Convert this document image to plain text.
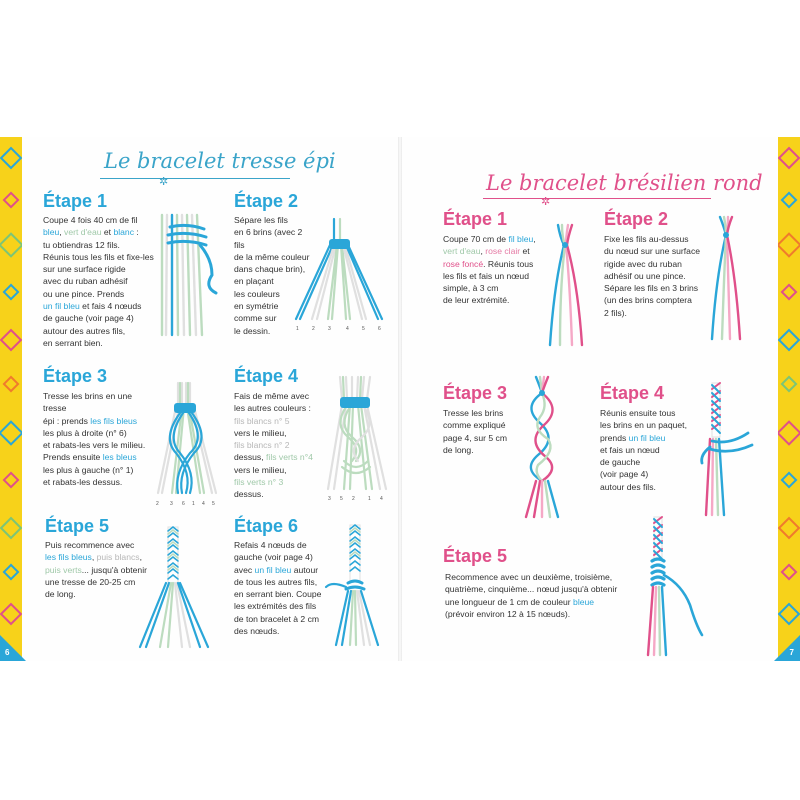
6	7
Le bracelet tresse épi
✲
Étape 1
Coupe 4 fois 40 cm de fil
bleu, vert d'eau et blanc :
tu obtiendras 12 fils.
Réunis tous les fils et fixe-les
sur une surface rigide
avec du ruban adhésif
ou une pince. Prends
un fil bleu et fais 4 nœuds
de gauche (voir page 4)
autour des autres fils,
en serrant bien.
Étape 2
Sépare les fils
en 6 brins (avec 2 fils
de la même couleur
dans chaque brin),
en plaçant
les couleurs
en symétrie
comme sur
le dessin.	1	2	3	4	5	6
Étape 3
Tresse les brins en une tresse
épi : prends les fils bleus
les plus à droite (n° 6)
et rabats-les vers le milieu.
Prends ensuite les bleus
les plus à gauche (n° 1)
et rabats-les dessus.
2 3 6 1 4 5
Étape 4
Fais de même avec
les autres couleurs :
fils blancs n° 5
vers le milieu,
fils blancs n° 2
dessus, fils verts n°4
vers le milieu,
fils verts n° 3
dessus.	3 5 2	1 4
Étape 5
Puis recommence avec
les fils bleus, puis blancs,
puis verts... jusqu'à obtenir
une tresse de 20-25 cm
de long.
Étape 6
Refais 4 nœuds de
gauche (voir page 4)
avec un fil bleu autour
de tous les autres fils,
en serrant bien. Coupe
les extrémités des fils
de ton bracelet à 2 cm
des nœuds.
Le bracelet brésilien rond
✲
Étape 1
Coupe 70 cm de fil bleu,
vert d'eau, rose clair et
rose foncé. Réunis tous
les fils et fais un nœud
simple, à 3 cm
de leur extrémité.
Étape 2
Fixe les fils au-dessus
du nœud sur une surface
rigide avec du ruban
adhésif ou une pince.
Sépare les fils en 3 brins
(un des brins comptera
2 fils).
Étape 3
Tresse les brins
comme expliqué
page 4, sur 5 cm
de long.
Étape 4
Réunis ensuite tous
les brins en un paquet,
prends un fil bleu
et fais un nœud
de gauche
(voir page 4)
autour des fils.
Étape 5
Recommence avec un deuxième, troisième,
quatrième, cinquième... nœud jusqu'à obtenir
une longueur de 1 cm de couleur bleue
(prévoir environ 12 à 15 nœuds).
